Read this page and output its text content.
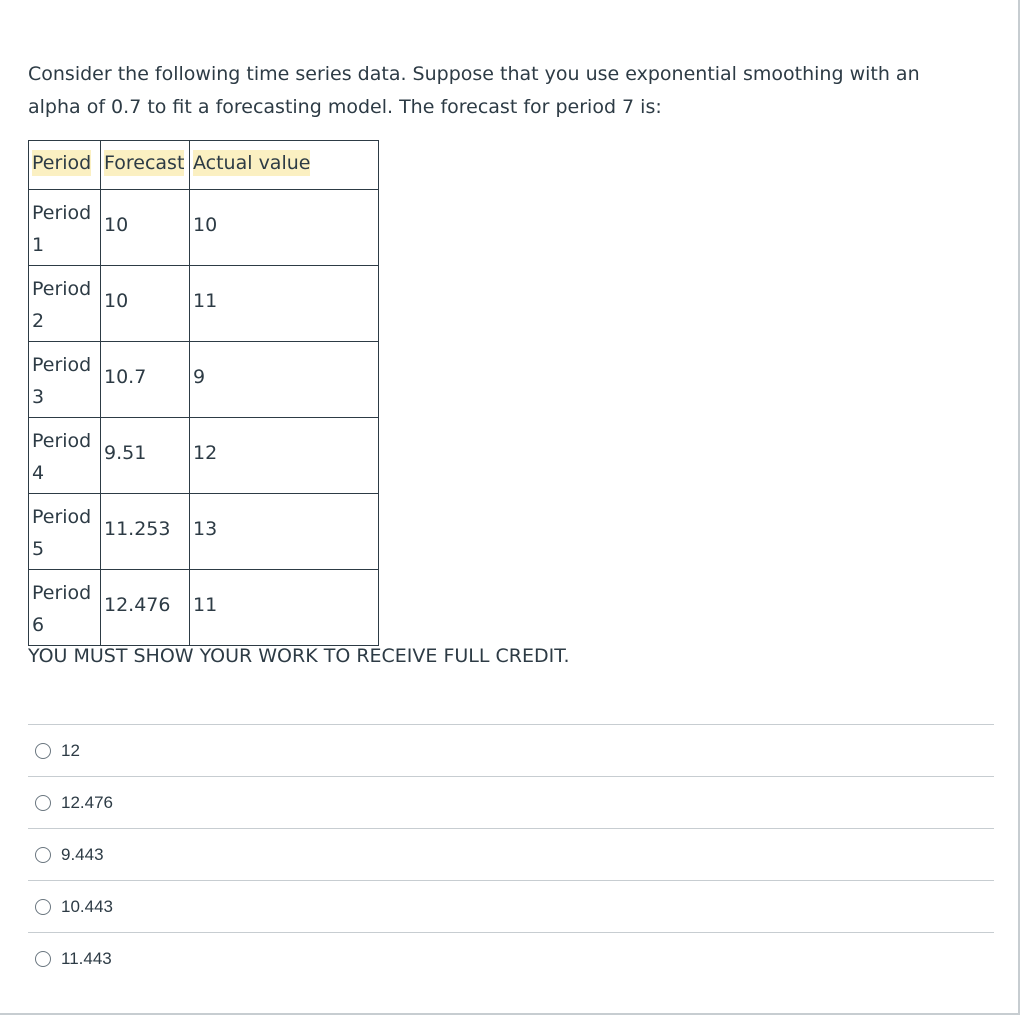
Consider the following time series data. Suppose that you use exponential smoothing with an alpha of 0.7 to fit a forecasting model. The forecast for period 7 is:
Period	Forecast	Actual value
Period 1	10	10
Period 2	10	11
Period 3	10.7	9
Period 4	9.51	12
Period 5	11.253	13
Period 6	12.476	11
YOU MUST SHOW YOUR WORK TO RECEIVE FULL CREDIT.
12
12.476
9.443
10.443
11.443
